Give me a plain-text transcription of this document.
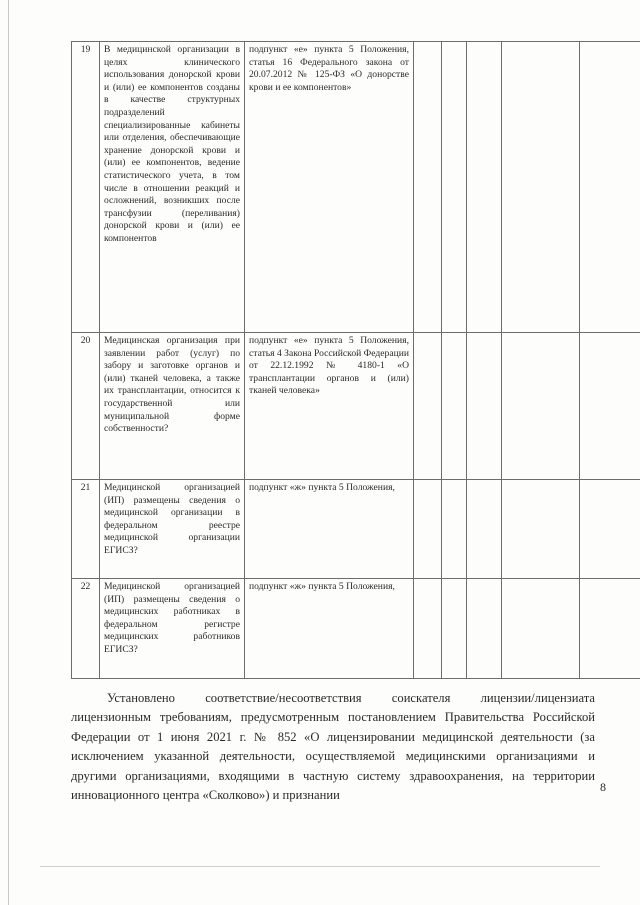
19	В медицинской организации в целях клинического использования донорской крови и (или) ее компонентов созданы в качестве структурных подразделений специализированные кабинеты или отделения, обеспечивающие хранение донорской крови и (или) ее компонентов, ведение статистического учета, в том числе в отношении реакций и осложнений, возникших после трансфузии (переливания) донорской крови и (или) ее компонентов	подпункт «е» пункта 5 Положения, статья 16 Федерального закона от 20.07.2012 № 125-ФЗ «О донорстве крови и ее компонентов»					

20	Медицинская организация при заявлении работ (услуг) по забору и заготовке органов и (или) тканей человека, а также их трансплантации, относится к государственной или муниципальной форме собственности?	подпункт «е» пункта 5 Положения, статья 4 Закона Российской Федерации от 22.12.1992 № 4180-1 «О трансплантации органов и (или) тканей человека»					

21	Медицинской организацией (ИП) размещены сведения о медицинской организации в федеральном реестре медицинской организации ЕГИСЗ?	подпункт «ж» пункта 5 Положения,					

22	Медицинской организацией (ИП) размещены сведения о медицинских работниках в федеральном регистре медицинских работников ЕГИСЗ?	подпункт «ж» пункта 5 Положения,					

Установлено соответствие/несоответствия соискателя лицензии/лицензиата лицензионным требованиям, предусмотренным постановлением Правительства Российской Федерации от 1 июня 2021 г. № 852 «О лицензировании медицинской деятельности (за исключением указанной деятельности, осуществляемой медицинскими организациями и другими организациями, входящими в частную систему здравоохранения, на территории инновационного центра «Сколково») и признании

8
